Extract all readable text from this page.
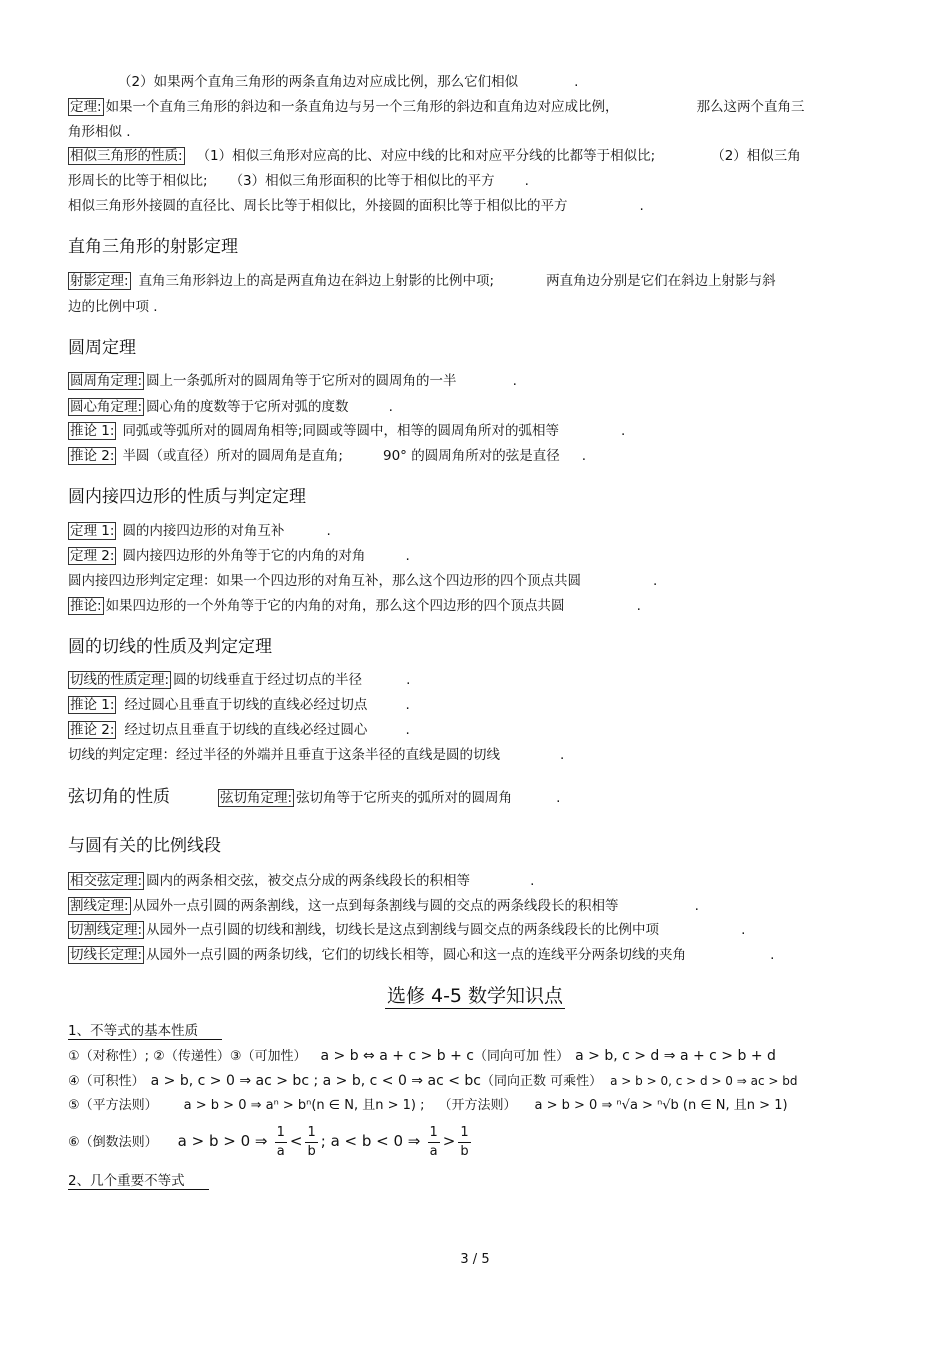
（2）如果两个直角三角形的两条直角边对应成比例，那么它们相似	.
定理: 如果一个直角三角形的斜边和一条直角边与另一个三角形的斜边和直角边对应成比例，	那么这两个直角三
角形相似 .
相似三角形的性质: （1）相似三角形对应高的比、对应中线的比和对应平分线的比都等于相似比;	（2）相似三角
形周长的比等于相似比; （3）相似三角形面积的比等于相似比的平方 .
相似三角形外接圆的直径比、周长比等于相似比，外接圆的面积比等于相似比的平方	.
直角三角形的射影定理
射影定理: 直角三角形斜边上的高是两直角边在斜边上射影的比例中项;	两直角边分别是它们在斜边上射影与斜
边的比例中项 .
圆周定理
圆周角定理: 圆上一条弧所对的圆周角等于它所对的圆周角的一半	.
圆心角定理: 圆心角的度数等于它所对弧的度数	.
推论 1: 同弧或等弧所对的圆周角相等;同圆或等圆中，相等的圆周角所对的弧相等	.
推论 2: 半圆（或直径）所对的圆周角是直角;	90° 的圆周角所对的弦是直径 .
圆内接四边形的性质与判定定理
定理 1: 圆的内接四边形的对角互补	.
定理 2: 圆内接四边形的外角等于它的内角的对角	.
圆内接四边形判定定理：如果一个四边形的对角互补，那么这个四边形的四个顶点共圆	.
推论: 如果四边形的一个外角等于它的内角的对角，那么这个四边形的四个顶点共圆	.
圆的切线的性质及判定定理
切线的性质定理: 圆的切线垂直于经过切点的半径	.
推论 1: 经过圆心且垂直于切线的直线必经过切点	.
推论 2: 经过切点且垂直于切线的直线必经过圆心	.
切线的判定定理：经过半径的外端并且垂直于这条半径的直线是圆的切线	.
弦切角的性质	弦切角定理: 弦切角等于它所夹的弧所对的圆周角	.
与圆有关的比例线段
相交弦定理: 圆内的两条相交弦，被交点分成的两条线段长的积相等	.
割线定理: 从园外一点引圆的两条割线，这一点到每条割线与圆的交点的两条线段长的积相等	.
切割线定理: 从园外一点引圆的切线和割线，切线长是这点到割线与圆交点的两条线段长的比例中项	.
切线长定理: 从园外一点引圆的两条切线，它们的切线长相等，圆心和这一点的连线平分两条切线的夹角	.
选修 4-5 数学知识点
1、不等式的基本性质
①（对称性）; ②（传递性）③（可加性） a > b ⇔ a + c > b + c（同向可加 性） a > b, c > d ⇒ a + c > b + d
④（可积性） a > b, c > 0 ⇒ ac > bc ; a > b, c < 0 ⇒ ac < bc（同向正数 可乘性） a > b > 0, c > d > 0 ⇒ ac > bd
⑤（平方法则） a > b > 0 ⇒ aⁿ > bⁿ(n ∈ N, 且n > 1) ; （开方法则） a > b > 0 ⇒ ⁿ√a > ⁿ√b (n ∈ N, 且n > 1)
⑥（倒数法则） a > b > 0 ⇒ $\frac{1}{a} < \frac{1}{b}$ ; a < b < 0 ⇒ $\frac{1}{a} > \frac{1}{b}$
2、几个重要不等式
3 / 5
